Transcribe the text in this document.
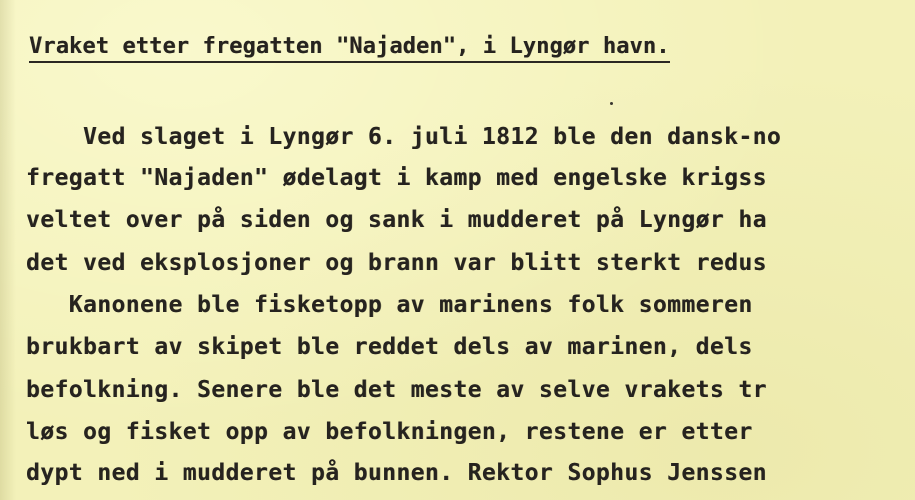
Vraket etter fregatten "Najaden", i Lyngør havn.
Ved slaget i Lyngør 6. juli 1812 ble den dansk-no
fregatt "Najaden" ødelagt i kamp med engelske krigss
veltet over på siden og sank i mudderet på Lyngør ha
det ved eksplosjoner og brann var blitt sterkt redus
Kanonene ble fisketopp av marinens folk sommeren
brukbart av skipet ble reddet dels av marinen, dels
befolkning. Senere ble det meste av selve vrakets tr
løs og fisket opp av befolkningen, restene er etter
dypt ned i mudderet på bunnen. Rektor Sophus Jenssen
